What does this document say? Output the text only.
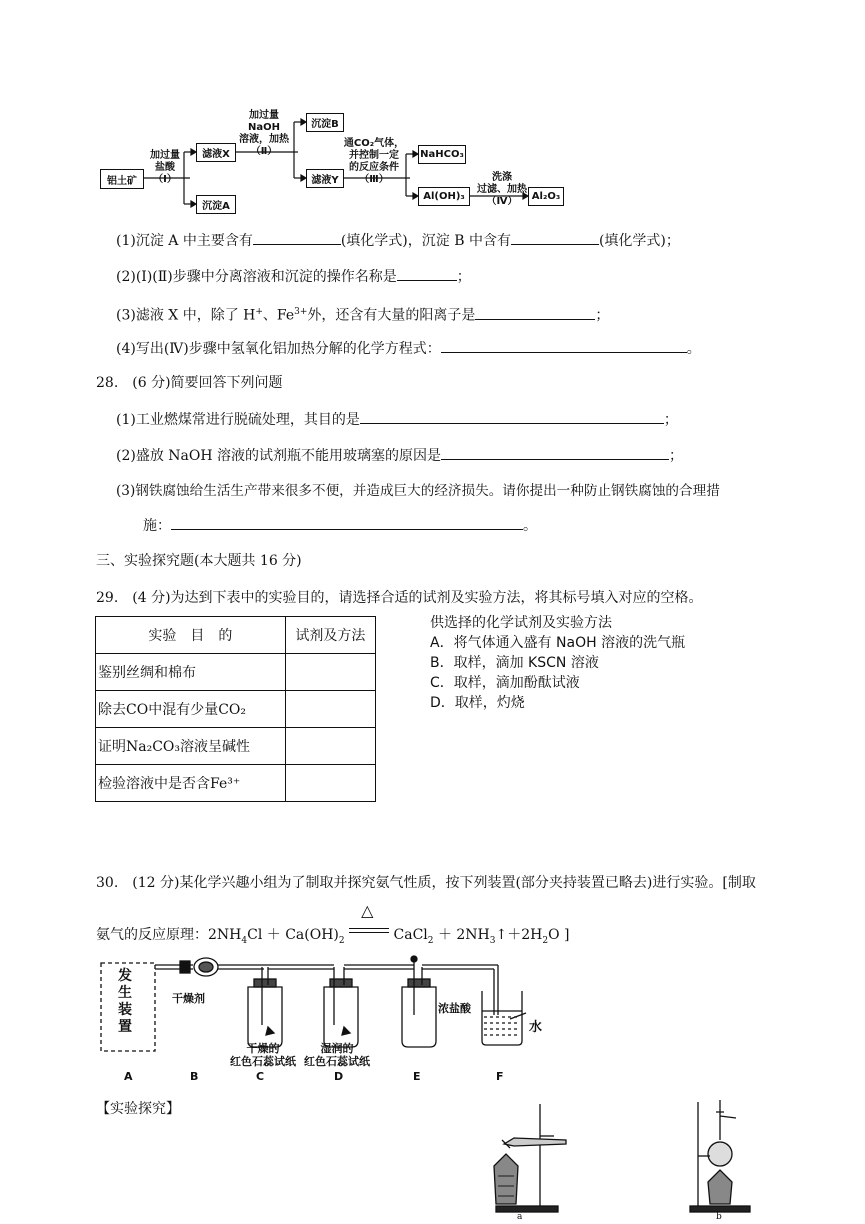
铝土矿
加过量
盐酸
（Ⅰ）
滤液X
沉淀A
加过量
NaOH
溶液，加热
（Ⅱ）
沉淀B
滤液Y
通CO₂气体，
并控制一定
的反应条件
（Ⅲ）
NaHCO₃
Al(OH)₃
洗涤
过滤、加热
（Ⅳ）	Al₂O₃
(1)沉淀 A 中主要含有	(填化学式)，沉淀 B 中含有	(填化学式)；
(2)(Ⅰ)(Ⅱ)步骤中分离溶液和沉淀的操作名称是	；
(3)滤液 X 中，除了 H+、$Fe^{3+}$外，还含有大量的阳离子是	；
(4)写出(Ⅳ)步骤中氢氧化铝加热分解的化学方程式：	。
28.　(6 分)简要回答下列问题
(1)工业燃煤常进行脱硫处理，其目的是	；
(2)盛放 NaOH 溶液的试剂瓶不能用玻璃塞的原因是	；
(3)钢铁腐蚀给生活生产带来很多不便，并造成巨大的经济损失。请你提出一种防止钢铁腐蚀的合理措
施：	。
三、实验探究题(本大题共 16 分)
29.　(4 分)为达到下表中的实验目的，请选择合适的试剂及实验方法，将其标号填入对应的空格。
实验　目　的	试剂及方法
鉴别丝绸和棉布	
除去CO中混有少量CO₂	
证明Na₂CO₃溶液呈碱性	
检验溶液中是否含Fe³⁺	
供选择的化学试剂及实验方法
A．将气体通入盛有 NaOH 溶液的洗气瓶
B．取样，滴加 KSCN 溶液
C．取样，滴加酚酞试液
D．取样，灼烧
30.　(12 分)某化学兴趣小组为了制取并探究氨气性质，按下列装置(部分夹持装置已略去)进行实验。[制取
氨气的反应原理：$2NH_4Cl + Ca(OH)_2$
△
CaCl$_2$ ＋ $2NH_3↑+2H_2O$ ]
发
生
装
置
干燥剂
干燥的
红色石蕊试纸
湿润的
红色石蕊试纸
浓盐酸
水
A	B	C	D	E	F
【实验探究】
a	b
